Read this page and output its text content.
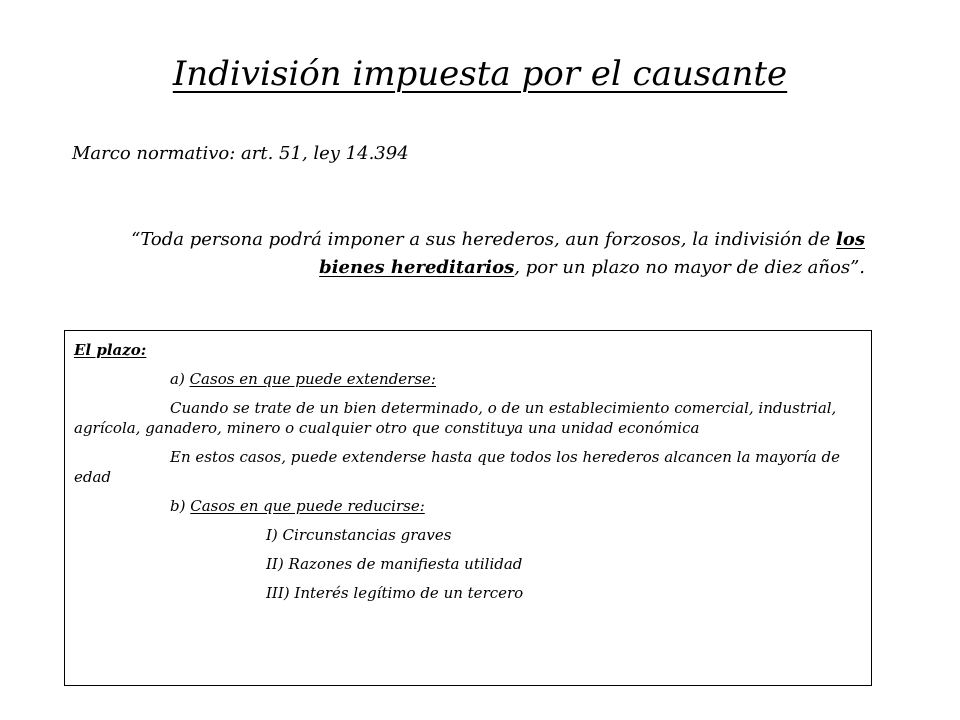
Indivisión impuesta por el causante
Marco normativo: art. 51, ley 14.394
“Toda persona podrá imponer a sus herederos, aun forzosos, la indivisión de los bienes hereditarios, por un plazo no mayor de diez años”.

El plazo:

a) Casos en que puede extenderse:

Cuando se trate de un bien determinado, o de un establecimiento comercial, industrial, agrícola, ganadero, minero o cualquier otro que constituya una unidad económica

En estos casos, puede extenderse hasta que todos los herederos alcancen la mayoría de edad

b) Casos en que puede reducirse:

I) Circunstancias graves

II) Razones de manifiesta utilidad

III) Interés legítimo de un tercero
